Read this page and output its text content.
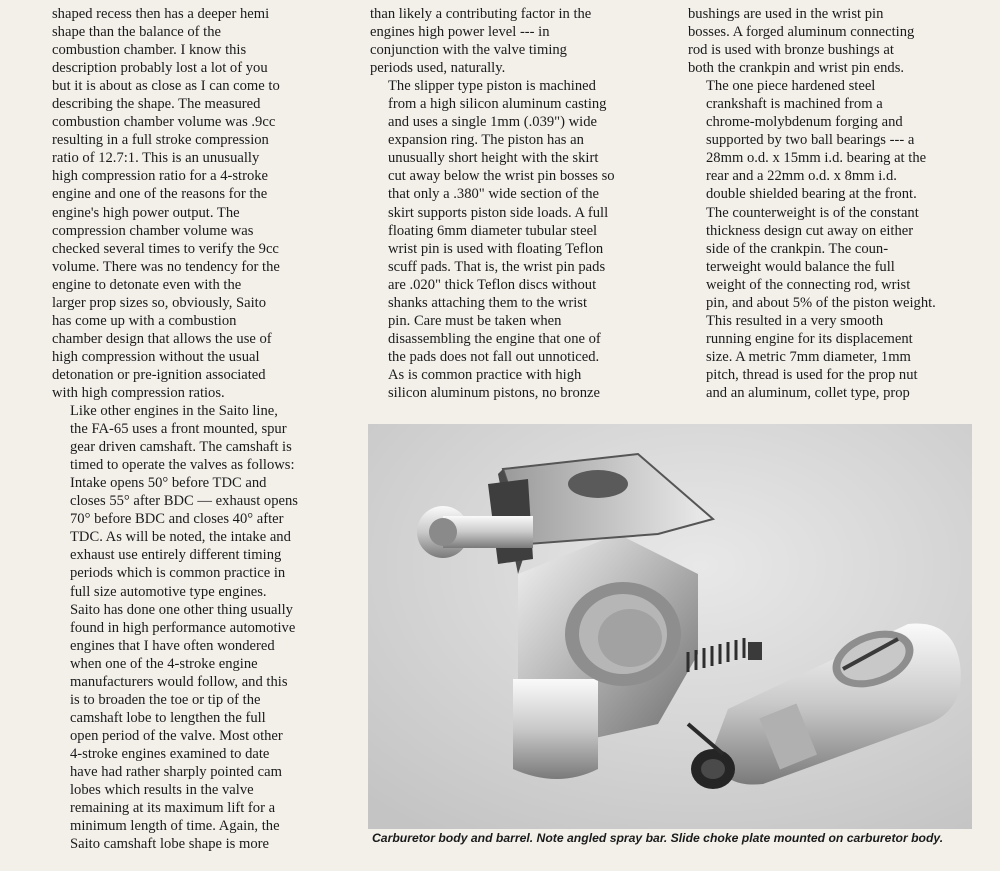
shaped recess then has a deeper hemi
shape than the balance of the
combustion chamber. I know this
description probably lost a lot of you
but it is about as close as I can come to
describing the shape. The measured
combustion chamber volume was .9cc
resulting in a full stroke compression
ratio of 12.7:1. This is an unusually
high compression ratio for a 4-stroke
engine and one of the reasons for the
engine's high power output. The
compression chamber volume was
checked several times to verify the 9cc
volume. There was no tendency for the
engine to detonate even with the
larger prop sizes so, obviously, Saito
has come up with a combustion
chamber design that allows the use of
high compression without the usual
detonation or pre-ignition associated
with high compression ratios.

Like other engines in the Saito line,
the FA-65 uses a front mounted, spur
gear driven camshaft. The camshaft is
timed to operate the valves as follows:
Intake opens 50° before TDC and
closes 55° after BDC — exhaust opens
70° before BDC and closes 40° after
TDC. As will be noted, the intake and
exhaust use entirely different timing
periods which is common practice in
full size automotive type engines.
Saito has done one other thing usually
found in high performance automotive
engines that I have often wondered
when one of the 4-stroke engine
manufacturers would follow, and this
is to broaden the toe or tip of the
camshaft lobe to lengthen the full
open period of the valve. Most other
4-stroke engines examined to date
have had rather sharply pointed cam
lobes which results in the valve
remaining at its maximum lift for a
minimum length of time. Again, the
Saito camshaft lobe shape is more

than likely a contributing factor in the
engines high power level --- in
conjunction with the valve timing
periods used, naturally.

The slipper type piston is machined
from a high silicon aluminum casting
and uses a single 1mm (.039") wide
expansion ring. The piston has an
unusually short height with the skirt
cut away below the wrist pin bosses so
that only a .380" wide section of the
skirt supports piston side loads. A full
floating 6mm diameter tubular steel
wrist pin is used with floating Teflon
scuff pads. That is, the wrist pin pads
are .020" thick Teflon discs without
shanks attaching them to the wrist
pin. Care must be taken when
disassembling the engine that one of
the pads does not fall out unnoticed.
As is common practice with high
silicon aluminum pistons, no bronze

bushings are used in the wrist pin
bosses. A forged aluminum connecting
rod is used with bronze bushings at
both the crankpin and wrist pin ends.

The one piece hardened steel
crankshaft is machined from a
chrome-molybdenum forging and
supported by two ball bearings --- a
28mm o.d. x 15mm i.d. bearing at the
rear and a 22mm o.d. x 8mm i.d.
double shielded bearing at the front.
The counterweight is of the constant
thickness design cut away on either
side of the crankpin. The coun-
terweight would balance the full
weight of the connecting rod, wrist
pin, and about 5% of the piston weight.
This resulted in a very smooth
running engine for its displacement
size. A metric 7mm diameter, 1mm
pitch, thread is used for the prop nut
and an aluminum, collet type, prop

Carburetor body and barrel. Note angled spray bar. Slide choke plate mounted on carburetor body.
